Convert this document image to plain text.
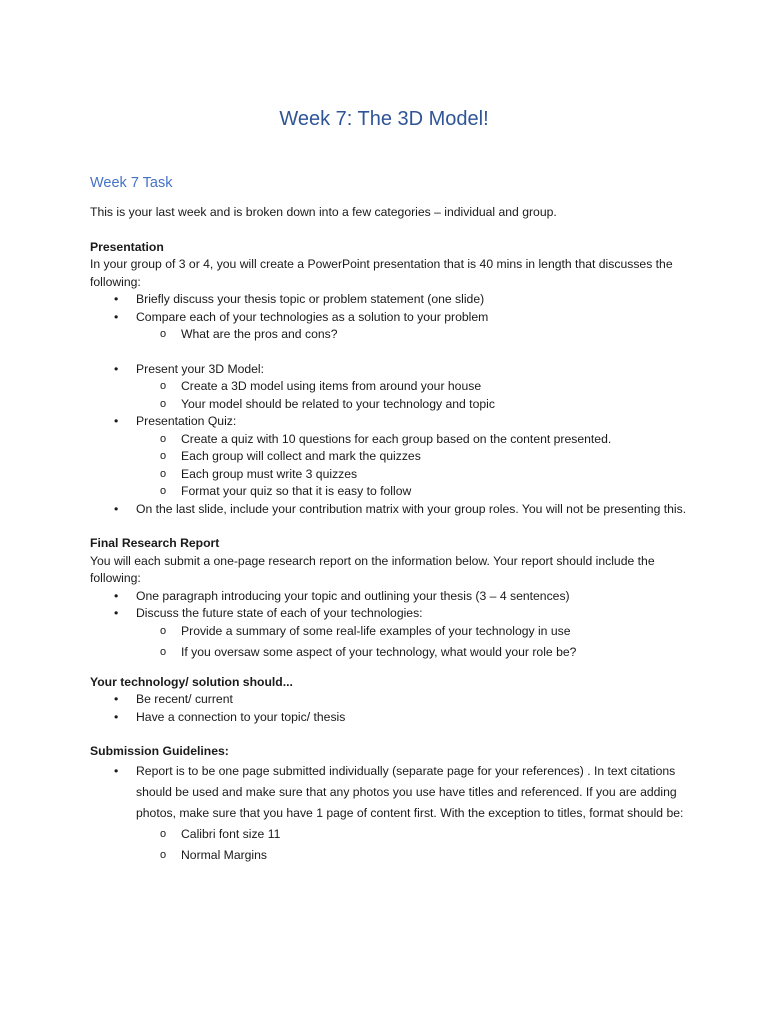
Week 7: The 3D Model!
Week 7 Task

This is your last week and is broken down into a few categories – individual and group.

Presentation

In your group of 3 or 4, you will create a PowerPoint presentation that is 40 mins in length that discusses the following:

• Briefly discuss your thesis topic or problem statement (one slide)
• Compare each of your technologies as a solution to your problem
o What are the pros and cons?
• Present your 3D Model:
o Create a 3D model using items from around your house
o Your model should be related to your technology and topic
• Presentation Quiz:
o Create a quiz with 10 questions for each group based on the content presented.
o Each group will collect and mark the quizzes
o Each group must write 3 quizzes
o Format your quiz so that it is easy to follow
• On the last slide, include your contribution matrix with your group roles. You will not be presenting this.

Final Research Report

You will each submit a one-page research report on the information below. Your report should include the following:

• One paragraph introducing your topic and outlining your thesis (3 – 4 sentences)
• Discuss the future state of each of your technologies:
o Provide a summary of some real-life examples of your technology in use
o If you oversaw some aspect of your technology, what would your role be?

Your technology/ solution should...

• Be recent/ current
• Have a connection to your topic/ thesis

Submission Guidelines:

• Report is to be one page submitted individually (separate page for your references) . In text citations should be used and make sure that any photos you use have titles and referenced. If you are adding photos, make sure that you have 1 page of content first. With the exception to titles, format should be:
o Calibri font size 11
o Normal Margins
